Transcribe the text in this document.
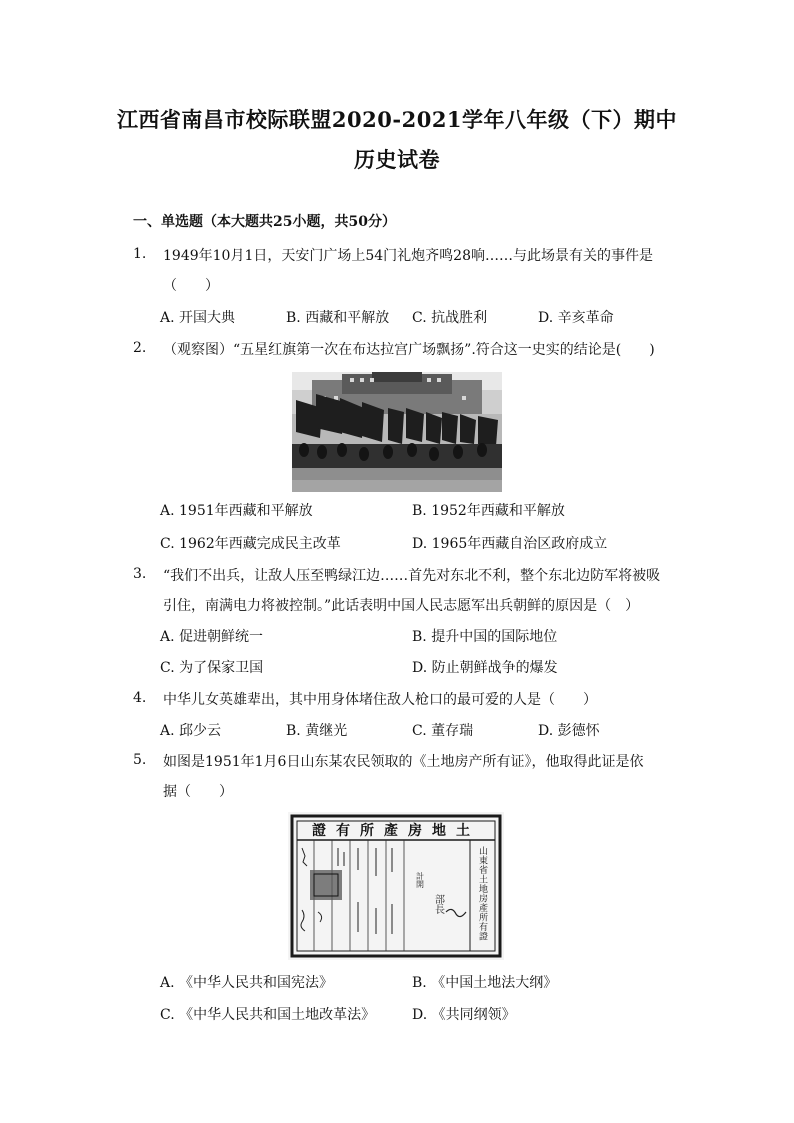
江西省南昌市校际联盟2020-2021学年八年级（下）期中
历史试卷
一、单选题（本大题共25小题，共50分）
1. 1949年10月1日，天安门广场上54门礼炮齐鸣28响……与此场景有关的事件是
（　　）
A. 开国大典	B. 西藏和平解放 C. 抗战胜利	D. 辛亥革命
2. （观察图）“五星红旗第一次在布达拉宫广场飘扬”.符合这一史实的结论是(　　)
A. 1951年西藏和平解放	B. 1952年西藏和平解放
C. 1962年西藏完成民主改革	D. 1965年西藏自治区政府成立
3. “我们不出兵，让敌人压至鸭绿江边……首先对东北不利，整个东北边防军将被吸
引住，南满电力将被控制。”此话表明中国人民志愿军出兵朝鲜的原因是（　）
A. 促进朝鲜统一	B. 提升中国的国际地位
C. 为了保家卫国	D. 防止朝鲜战争的爆发
4. 中华儿女英雄辈出，其中用身体堵住敌人枪口的最可爱的人是（　　）
A. 邱少云	B. 黄继光	C. 董存瑞	D. 彭德怀
5. 如图是1951年1月6日山东某农民领取的《土地房产所有证》，他取得此证是依
据（　　）
證有所產房地土
計開
部長	山東省土地房產所有證
A. 《中华人民共和国宪法》	B. 《中国土地法大纲》
C. 《中华人民共和国土地改革法》	D. 《共同纲领》
